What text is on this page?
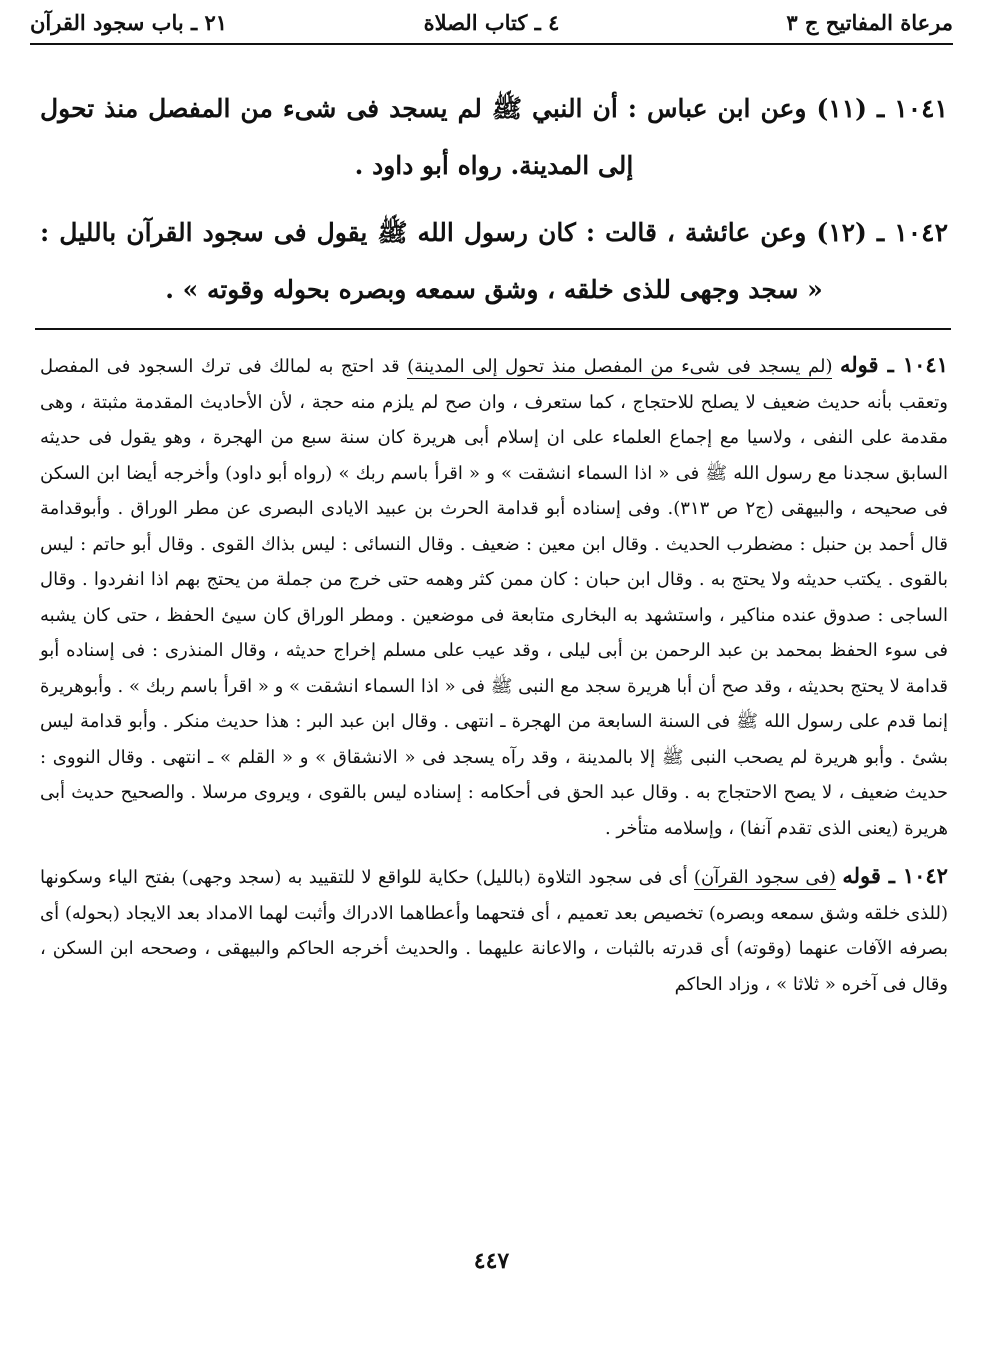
مرعاة المفاتيح ج ٣
٤ ـ كتاب الصلاة
٢١ ـ باب سجود القرآن

١٠٤١ ـ (١١) وعن ابن عباس : أن النبي ﷺ لم يسجد فى شىء من المفصل منذ تحول إلى المدينة. رواه أبو داود .

١٠٤٢ ـ (١٢) وعن عائشة ، قالت : كان رسول الله ﷺ يقول فى سجود القرآن بالليل : « سجد وجهى للذى خلقه ، وشق سمعه وبصره بحوله وقوته » .

١٠٤١ ـ قوله (لم يسجد فى شىء من المفصل منذ تحول إلى المدينة) قد احتج به لمالك فى ترك السجود فى المفصل وتعقب بأنه حديث ضعيف لا يصلح للاحتجاج ، كما ستعرف ، وان صح لم يلزم منه حجة ، لأن الأحاديث المقدمة مثبتة ، وهى مقدمة على النفى ، ولاسيا مع إجماع العلماء على ان إسلام أبى هريرة كان سنة سبع من الهجرة ، وهو يقول فى حديثه السابق سجدنا مع رسول الله ﷺ فى « اذا السماء انشقت » و « اقرأ باسم ربك » (رواه أبو داود) وأخرجه أيضا ابن السكن فى صحيحه ، والبيهقى (ج٢ ص ٣١٣). وفى إسناده أبو قدامة الحرث بن عبيد الايادى البصرى عن مطر الوراق . وأبوقدامة قال أحمد بن حنبل : مضطرب الحديث . وقال ابن معين : ضعيف . وقال النسائى : ليس بذاك القوى . وقال أبو حاتم : ليس بالقوى . يكتب حديثه ولا يحتج به . وقال ابن حبان : كان ممن كثر وهمه حتى خرج من جملة من يحتج بهم اذا انفردوا . وقال الساجى : صدوق عنده مناكير ، واستشهد به البخارى متابعة فى موضعين . ومطر الوراق كان سيئ الحفظ ، حتى كان يشبه فى سوء الحفظ بمحمد بن عبد الرحمن بن أبى ليلى ، وقد عيب على مسلم إخراج حديثه ، وقال المنذرى : فى إسناده أبو قدامة لا يحتج بحديثه ، وقد صح أن أبا هريرة سجد مع النبى ﷺ فى « اذا السماء انشقت » و « اقرأ باسم ربك » . وأبوهريرة إنما قدم على رسول الله ﷺ فى السنة السابعة من الهجرة ـ انتهى . وقال ابن عبد البر : هذا حديث منكر . وأبو قدامة ليس بشئ . وأبو هريرة لم يصحب النبى ﷺ إلا بالمدينة ، وقد رآه يسجد فى « الانشقاق » و « القلم » ـ انتهى . وقال النووى : حديث ضعيف ، لا يصح الاحتجاج به . وقال عبد الحق فى أحكامه : إسناده ليس بالقوى ، ويروى مرسلا . والصحيح حديث أبى هريرة (يعنى الذى تقدم آنفا) ، وإسلامه متأخر .

١٠٤٢ ـ قوله (فى سجود القرآن) أى فى سجود التلاوة (بالليل) حكاية للواقع لا للتقييد به (سجد وجهى) بفتح الياء وسكونها (للذى خلقه وشق سمعه وبصره) تخصيص بعد تعميم ، أى فتحهما وأعطاهما الادراك وأثبت لهما الامداد بعد الايجاد (بحوله) أى بصرفه الآفات عنهما (وقوته) أى قدرته بالثبات ، والاعانة عليهما . والحديث أخرجه الحاكم والبيهقى ، وصححه ابن السكن ، وقال فى آخره « ثلاثا » ، وزاد الحاكم

٤٤٧
